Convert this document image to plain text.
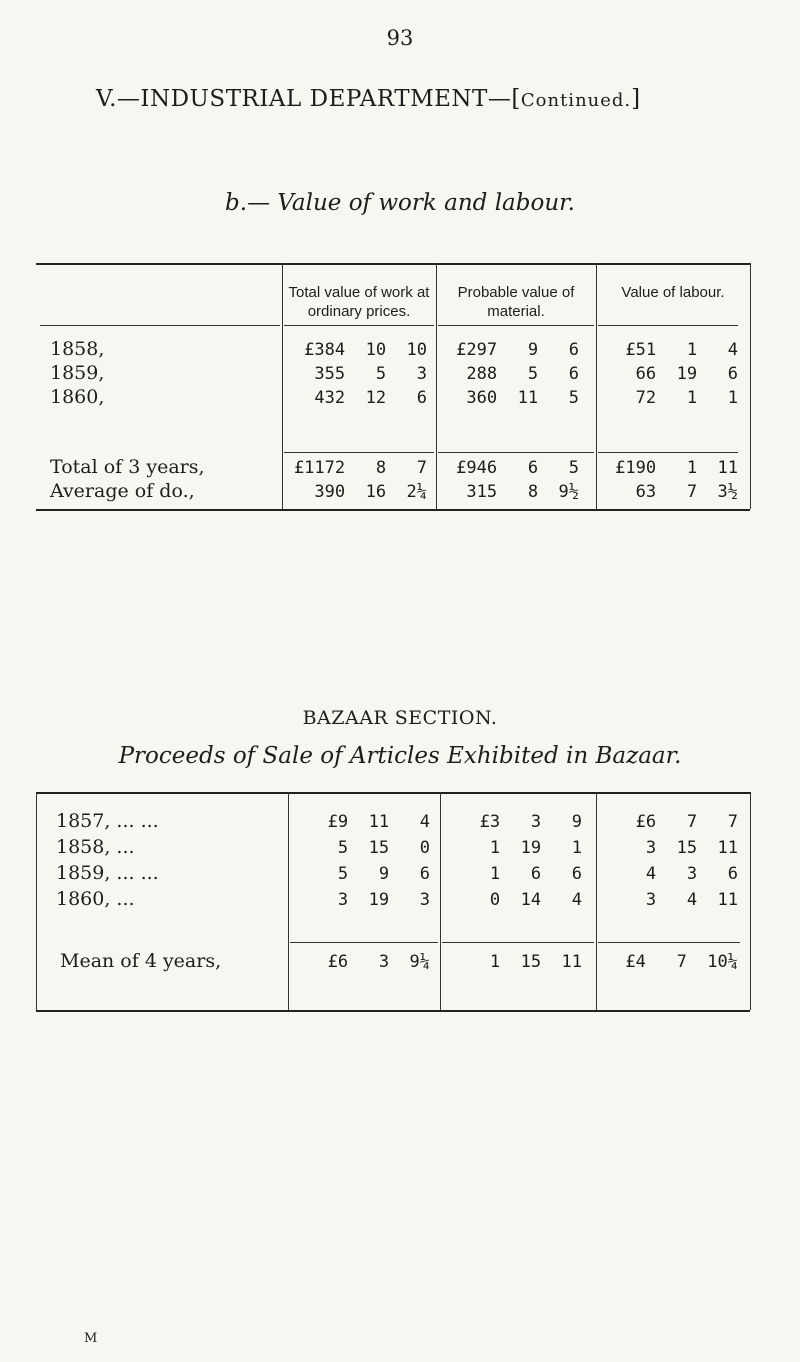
93
V.—INDUSTRIAL DEPARTMENT—[Continued.]
b.— Value of work and labour.
Total value of work at ordinary prices.
Probable value of material.
Value of labour.
1858,	£384  10  10	£297   9   6	£51   1   4
1859,	355   5   3	288   5   6	66  19   6
1860,	432  12   6	360  11   5	72   1   1
Total of 3 years,	£1172   8   7	£946   6   5	£190   1  11
Average of do.,	390  16  2¼	315   8  9½	63   7  3½
BAZAAR SECTION.
Proceeds of Sale of Articles Exhibited in Bazaar.
1857, ... ...	£9  11   4	£3   3   9	£6   7   7
1858, ...	5  15   0	1  19   1	3  15  11
1859, ... ...	5   9   6	1   6   6	4   3   6
1860, ...	3  19   3	0  14   4	3   4  11
Mean of 4 years,	£6   3  9¼	1  15  11	£4   7  10¼
M
